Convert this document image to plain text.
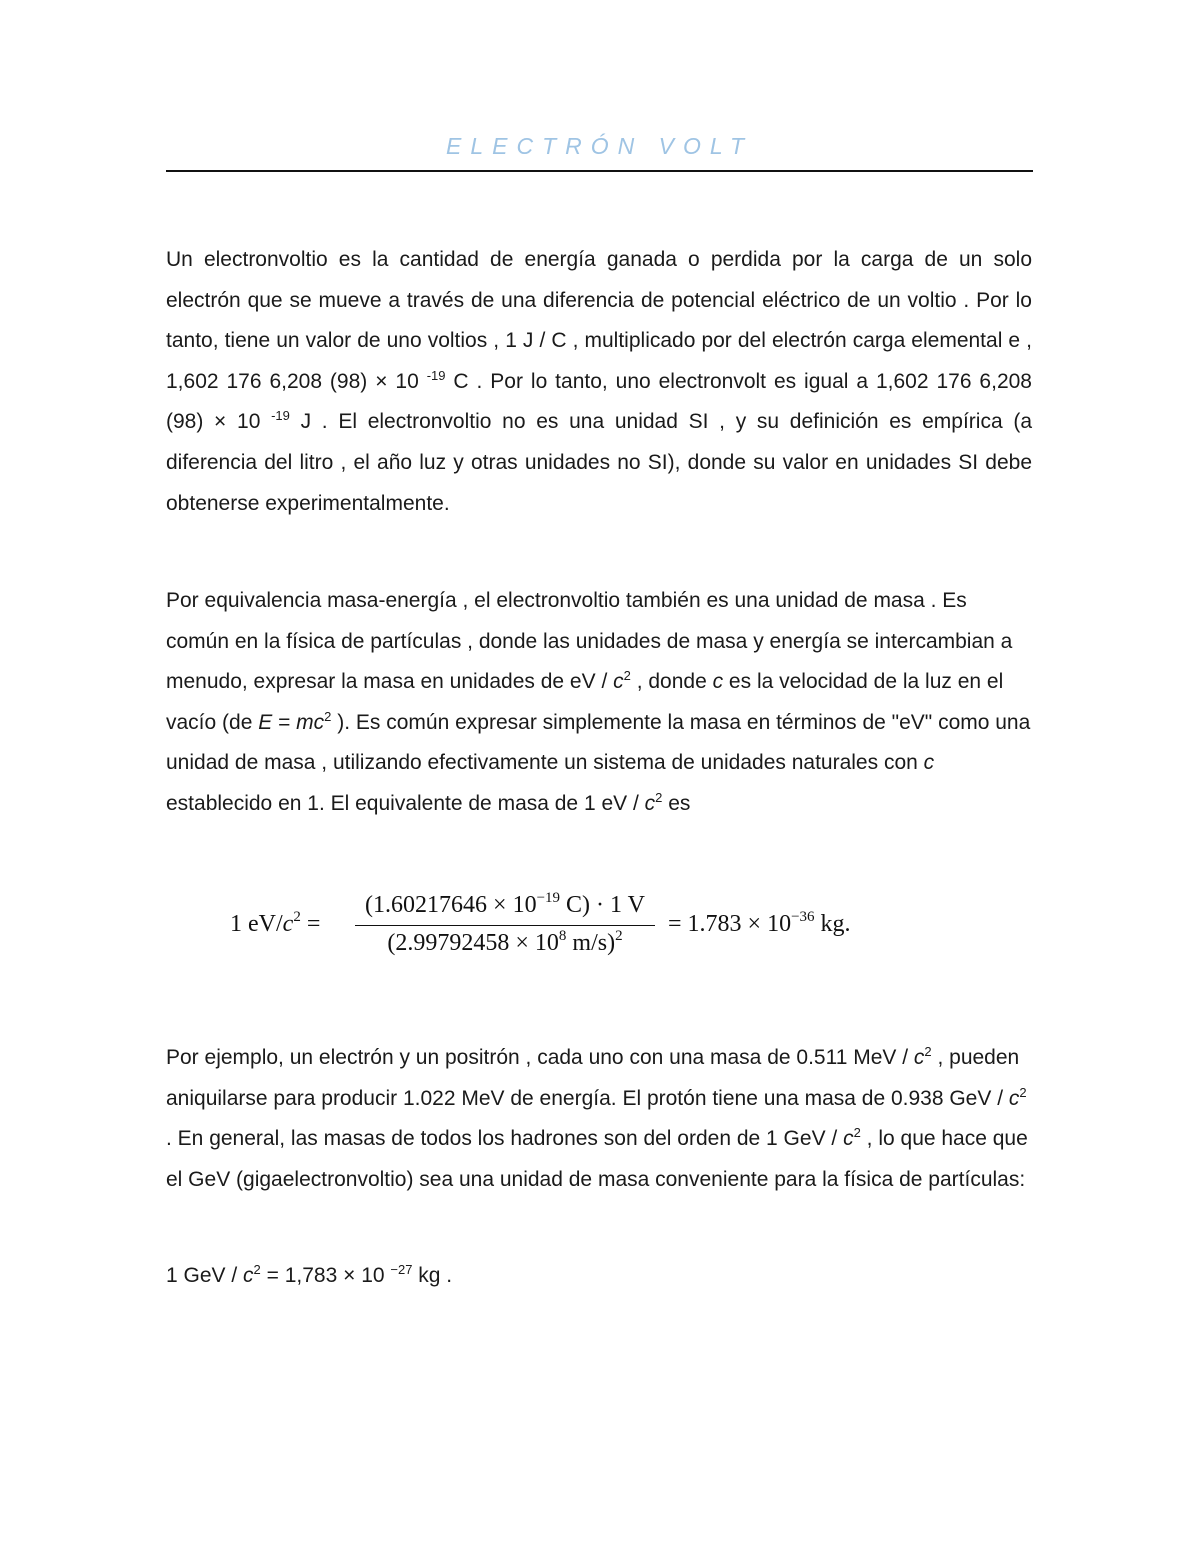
ELECTRÓN VOLT
Un electronvoltio es la cantidad de energía ganada o perdida por la carga de un solo electrón que se mueve a través de una diferencia de potencial eléctrico de un voltio . Por lo tanto, tiene un valor de uno voltios , 1 J / C , multiplicado por del electrón carga elemental e , 1,602 176 6,208 (98) × 10 $^{-19}$ C . Por lo tanto, uno electronvolt es igual a 1,602 176 6,208 (98) × 10 $^{-19}$ J . El electronvoltio no es una unidad SI , y su definición es empírica (a diferencia del litro , el año luz y otras unidades no SI), donde su valor en unidades SI debe obtenerse experimentalmente.
Por equivalencia masa-energía , el electronvoltio también es una unidad de masa . Es común en la física de partículas , donde las unidades de masa y energía se intercambian a menudo, expresar la masa en unidades de eV / $c^2$ , donde c es la velocidad de la luz en el vacío (de $E = mc^2$ ). Es común expresar simplemente la masa en términos de "eV" como una unidad de masa , utilizando efectivamente un sistema de unidades naturales con c establecido en 1. El equivalente de masa de 1 eV / $c^2$ es
1 $eV/c^2$ =
($1.60217646 \times 10^{-19}$ C) · 1 V
($2.99792458 \times 10^8$ m/s)$^2$	= $1.783 \times 10^{-36}$ kg.
Por ejemplo, un electrón y un positrón , cada uno con una masa de 0.511 MeV / $c^2$ , pueden aniquilarse para producir 1.022 MeV de energía. El protón tiene una masa de 0.938 GeV / $c^2$ . En general, las masas de todos los hadrones son del orden de 1 GeV / $c^2$ , lo que hace que el GeV (gigaelectronvoltio) sea una unidad de masa conveniente para la física de partículas:
1 GeV / $c^2 = 1,783 \times 10$ $^{-27}$ kg .
